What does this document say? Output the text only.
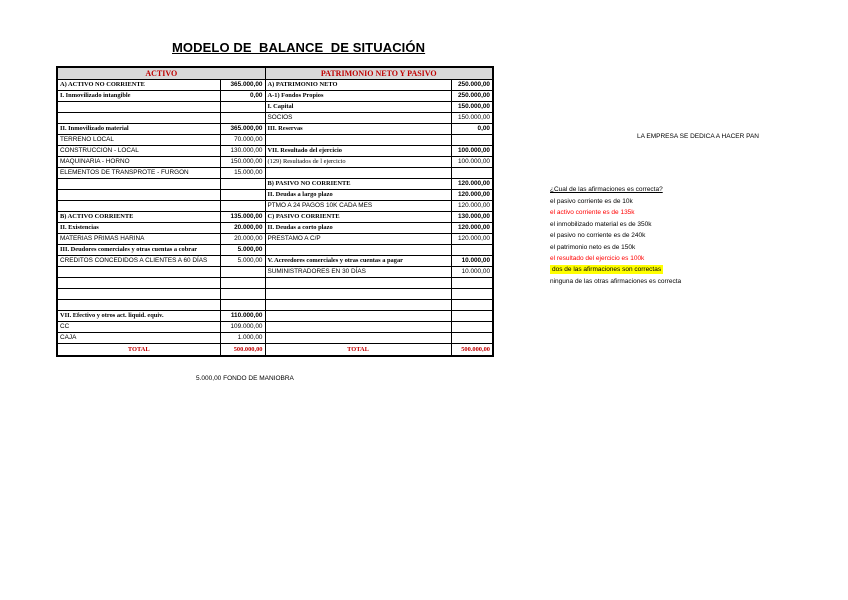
MODELO DE  BALANCE  DE SITUACIÓN
ACTIVO		PATRIMONIO NETO Y PASIVO	
A) ACTIVO NO CORRIENTE	365.000,00	A) PATRIMONIO NETO	250.000,00
I. Inmovilizado intangible	0,00	A-1) Fondos Propios	250.000,00
		I. Capital	150.000,00
		SOCIOS	150.000,00
II. Inmovilizado material	365.000,00	III. Reservas	0,00
TERRENO LOCAL	70.000,00		
CONSTRUCCION - LOCAL	130.000,00	VII. Resultado del ejercicio	100.000,00
MAQUINARIA - HORNO	150.000,00	(129) Resultados de l ejercicio	100.000,00
ELEMENTOS DE TRANSPROTE - FURGON	15.000,00		
		B) PASIVO NO CORRIENTE	120.000,00
		II. Deudas a largo plazo	120.000,00
		PTMO A 24 PAGOS 10K CADA MES	120.000,00
B) ACTIVO CORRIENTE	135.000,00	C) PASIVO CORRIENTE	130.000,00
II. Existencias	20.000,00	II. Deudas a corto plazo	120.000,00
MATERIAS PRIMAS HARINA	20.000,00	PRESTAMO A C/P	120.000,00
III. Deudores comerciales y otras cuentas a cobrar	5.000,00		
CREDITOS CONCEDIDOS A CLIENTES A 60 DÍAS	5.000,00	V. Acreedores comerciales y otras cuentas a pagar	10.000,00
		SUMINISTRADORES EN 30 DÍAS	10.000,00

VII. Efectivo y otros act. liquid. equiv.	110.000,00		
CC	109.000,00		
CAJA	1.000,00		
TOTAL	500.000,00	TOTAL	500.000,00
5.000,00 FONDO DE MANIOBRA
LA EMPRESA SE DEDICA A HACER PAN
¿Cual de las afirmaciones es correcta?
el pasivo corriente es de 10k
el activo corriente es de 135k
el inmobilizado material es de 350k
el pasivo no corriente es de 240k
el patrimonio neto es de 150k
el resultado del ejercicio es 100k
dos de las afirmaciones son correctas
ninguna de las otras afirmaciones es correcta
